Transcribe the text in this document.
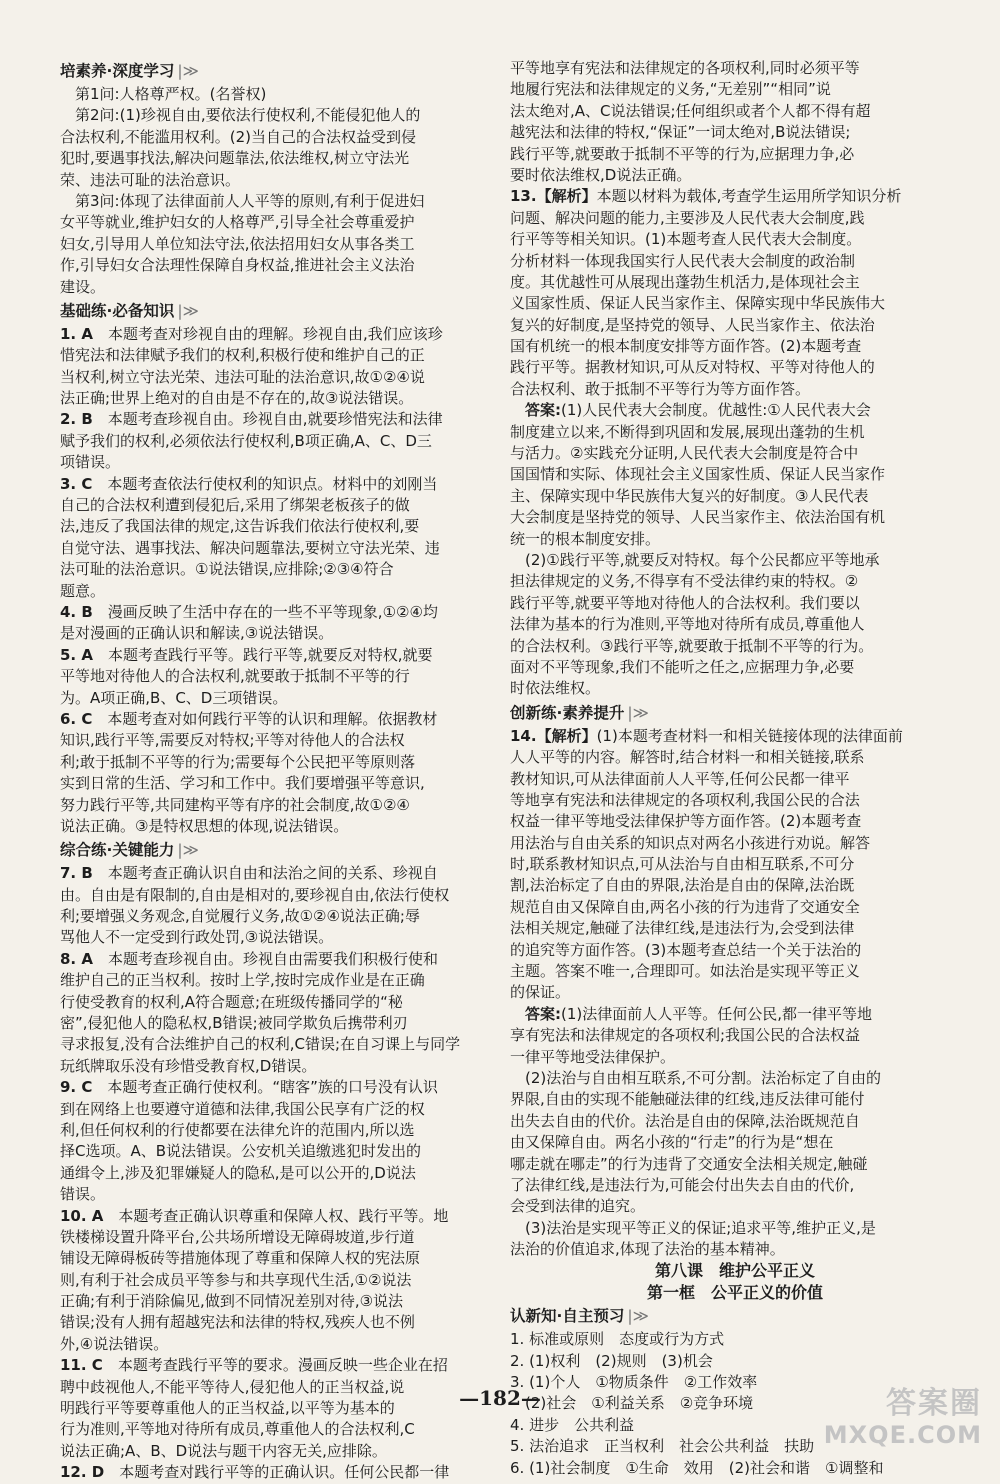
培素养·深度学习 |≫
　第1问:人格尊严权。(名誉权)
　第2问:(1)珍视自由,要依法行使权利,不能侵犯他人的
合法权利,不能滥用权利。(2)当自己的合法权益受到侵
犯时,要遇事找法,解决问题靠法,依法维权,树立守法光
荣、违法可耻的法治意识。
　第3问:体现了法律面前人人平等的原则,有利于促进妇
女平等就业,维护妇女的人格尊严,引导全社会尊重爱护
妇女,引导用人单位知法守法,依法招用妇女从事各类工
作,引导妇女合法理性保障自身权益,推进社会主义法治
建设。
基础练·必备知识 |≫
1. A　本题考查对珍视自由的理解。珍视自由,我们应该珍
惜宪法和法律赋予我们的权利,积极行使和维护自己的正
当权利,树立守法光荣、违法可耻的法治意识,故①②④说
法正确;世界上绝对的自由是不存在的,故③说法错误。
2. B　本题考查珍视自由。珍视自由,就要珍惜宪法和法律
赋予我们的权利,必须依法行使权利,B项正确,A、C、D三
项错误。
3. C　本题考查依法行使权利的知识点。材料中的刘刚当
自己的合法权利遭到侵犯后,采用了绑架老板孩子的做
法,违反了我国法律的规定,这告诉我们依法行使权利,要
自觉守法、遇事找法、解决问题靠法,要树立守法光荣、违
法可耻的法治意识。①说法错误,应排除;②③④符合
题意。
4. B　漫画反映了生活中存在的一些不平等现象,①②④均
是对漫画的正确认识和解读,③说法错误。
5. A　本题考查践行平等。践行平等,就要反对特权,就要
平等地对待他人的合法权利,就要敢于抵制不平等的行
为。A项正确,B、C、D三项错误。
6. C　本题考查对如何践行平等的认识和理解。依据教材
知识,践行平等,需要反对特权;平等对待他人的合法权
利;敢于抵制不平等的行为;需要每个公民把平等原则落
实到日常的生活、学习和工作中。我们要增强平等意识,
努力践行平等,共同建构平等有序的社会制度,故①②④
说法正确。③是特权思想的体现,说法错误。
综合练·关键能力 |≫
7. B　本题考查正确认识自由和法治之间的关系、珍视自
由。自由是有限制的,自由是相对的,要珍视自由,依法行使权
利;要增强义务观念,自觉履行义务,故①②④说法正确;辱
骂他人不一定受到行政处罚,③说法错误。
8. A　本题考查珍视自由。珍视自由需要我们积极行使和
维护自己的正当权利。按时上学,按时完成作业是在正确
行使受教育的权利,A符合题意;在班级传播同学的“秘
密”,侵犯他人的隐私权,B错误;被同学欺负后携带利刃
寻求报复,没有合法维护自己的权利,C错误;在自习课上与同学
玩纸牌取乐没有珍惜受教育权,D错误。
9. C　本题考查正确行使权利。“瞎客”族的口号没有认识
到在网络上也要遵守道德和法律,我国公民享有广泛的权
利,但任何权利的行使都要在法律允许的范围内,所以选
择C选项。A、B说法错误。公安机关追缴逃犯时发出的
通缉令上,涉及犯罪嫌疑人的隐私,是可以公开的,D说法
错误。
10. A　本题考查正确认识尊重和保障人权、践行平等。地
铁楼梯设置升降平台,公共场所增设无障碍坡道,步行道
铺设无障碍板砖等措施体现了尊重和保障人权的宪法原
则,有利于社会成员平等参与和共享现代生活,①②说法
正确;有利于消除偏见,做到不同情况差别对待,③说法
错误;没有人拥有超越宪法和法律的特权,残疾人也不例
外,④说法错误。
11. C　本题考查践行平等的要求。漫画反映一些企业在招
聘中歧视他人,不能平等待人,侵犯他人的正当权益,说
明践行平等要尊重他人的正当权益,以平等为基本的
行为准则,平等地对待所有成员,尊重他人的合法权利,C
说法正确;A、B、D说法与题干内容无关,应排除。
12. D　本题考查对践行平等的正确认识。任何公民都一律
平等地享有宪法和法律规定的各项权利,同时必须平等
地履行宪法和法律规定的义务,“无差别”“相同”说
法太绝对,A、C说法错误;任何组织或者个人都不得有超
越宪法和法律的特权,“保证”一词太绝对,B说法错误;
践行平等,就要敢于抵制不平等的行为,应据理力争,必
要时依法维权,D说法正确。
13.【解析】本题以材料为载体,考查学生运用所学知识分析
问题、解决问题的能力,主要涉及人民代表大会制度,践
行平等等相关知识。(1)本题考查人民代表大会制度。
分析材料一体现我国实行人民代表大会制度的政治制
度。其优越性可从展现出蓬勃生机活力,是体现社会主
义国家性质、保证人民当家作主、保障实现中华民族伟大
复兴的好制度,是坚持党的领导、人民当家作主、依法治
国有机统一的根本制度安排等方面作答。(2)本题考查
践行平等。据教材知识,可从反对特权、平等对待他人的
合法权利、敢于抵制不平等行为等方面作答。
　答案:(1)人民代表大会制度。优越性:①人民代表大会
制度建立以来,不断得到巩固和发展,展现出蓬勃的生机
与活力。②实践充分证明,人民代表大会制度是符合中
国国情和实际、体现社会主义国家性质、保证人民当家作
主、保障实现中华民族伟大复兴的好制度。③人民代表
大会制度是坚持党的领导、人民当家作主、依法治国有机
统一的根本制度安排。
　(2)①践行平等,就要反对特权。每个公民都应平等地承
担法律规定的义务,不得享有不受法律约束的特权。②
践行平等,就要平等地对待他人的合法权利。我们要以
法律为基本的行为准则,平等地对待所有成员,尊重他人
的合法权利。③践行平等,就要敢于抵制不平等的行为。
面对不平等现象,我们不能听之任之,应据理力争,必要
时依法维权。
创新练·素养提升 |≫
14.【解析】(1)本题考查材料一和相关链接体现的法律面前
人人平等的内容。解答时,结合材料一和相关链接,联系
教材知识,可从法律面前人人平等,任何公民都一律平
等地享有宪法和法律规定的各项权利,我国公民的合法
权益一律平等地受法律保护等方面作答。(2)本题考查
用法治与自由关系的知识点对两名小孩进行劝说。解答
时,联系教材知识点,可从法治与自由相互联系,不可分
割,法治标定了自由的界限,法治是自由的保障,法治既
规范自由又保障自由,两名小孩的行为违背了交通安全
法相关规定,触碰了法律红线,是违法行为,会受到法律
的追究等方面作答。(3)本题考查总结一个关于法治的
主题。答案不唯一,合理即可。如法治是实现平等正义
的保证。
　答案:(1)法律面前人人平等。任何公民,都一律平等地
享有宪法和法律规定的各项权利;我国公民的合法权益
一律平等地受法律保护。
　(2)法治与自由相互联系,不可分割。法治标定了自由的
界限,自由的实现不能触碰法律的红线,违反法律可能付
出失去自由的代价。法治是自由的保障,法治既规范自
由又保障自由。两名小孩的“行走”的行为是“想在
哪走就在哪走”的行为违背了交通安全法相关规定,触碰
了法律红线,是违法行为,可能会付出失去自由的代价,
会受到法律的追究。
　(3)法治是实现平等正义的保证;追求平等,维护正义,是
法治的价值追求,体现了法治的基本精神。
第八课　维护公平正义
第一框　公平正义的价值
认新知·自主预习 |≫
1. 标准或原则　态度或行为方式
2. (1)权利　(2)规则　(3)机会
3. (1)个人　①物质条件　②工作效率
　(2)社会　①利益关系　②竞争环境
4. 进步　公共利益
5. 法治追求　正当权利　社会公共利益　扶助
6. (1)社会制度　①生命　效用　(2)社会和谐　①调整和
—182—	答案圈
MXQE.COM
